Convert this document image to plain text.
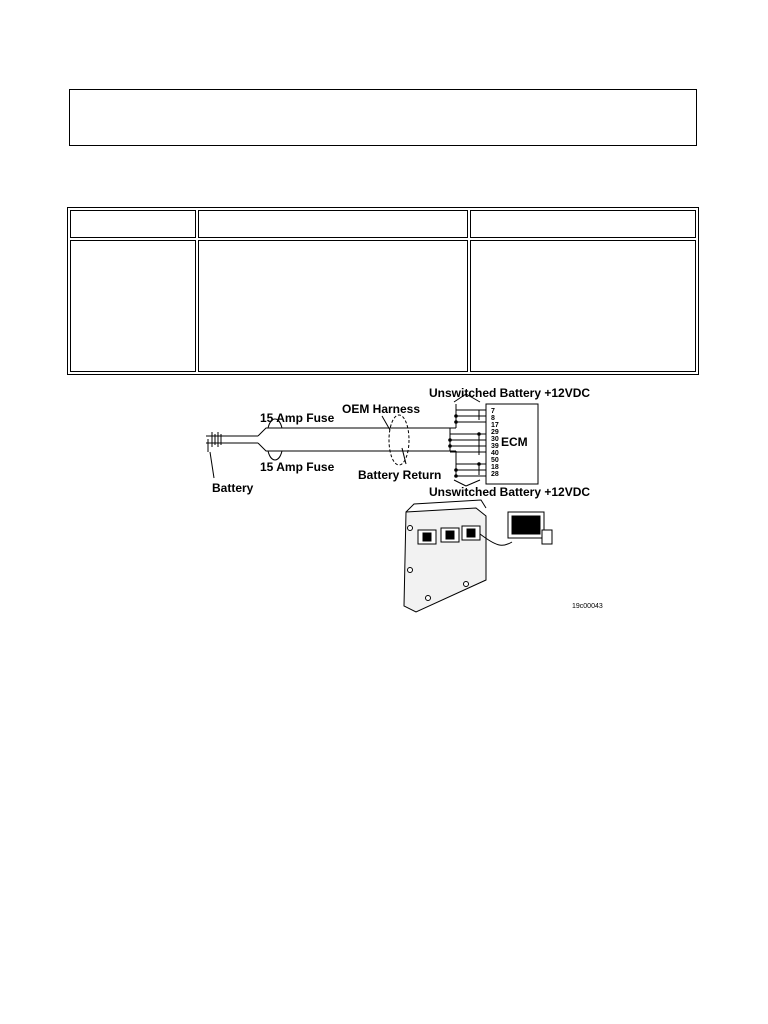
Unswitched Battery +12VDC
15 Amp Fuse
OEM Harness
15 Amp Fuse
Battery Return
Battery	Unswitched Battery +12VDC
ECM
7
8
17
29
30
39
40
50
18
28
19c00043
